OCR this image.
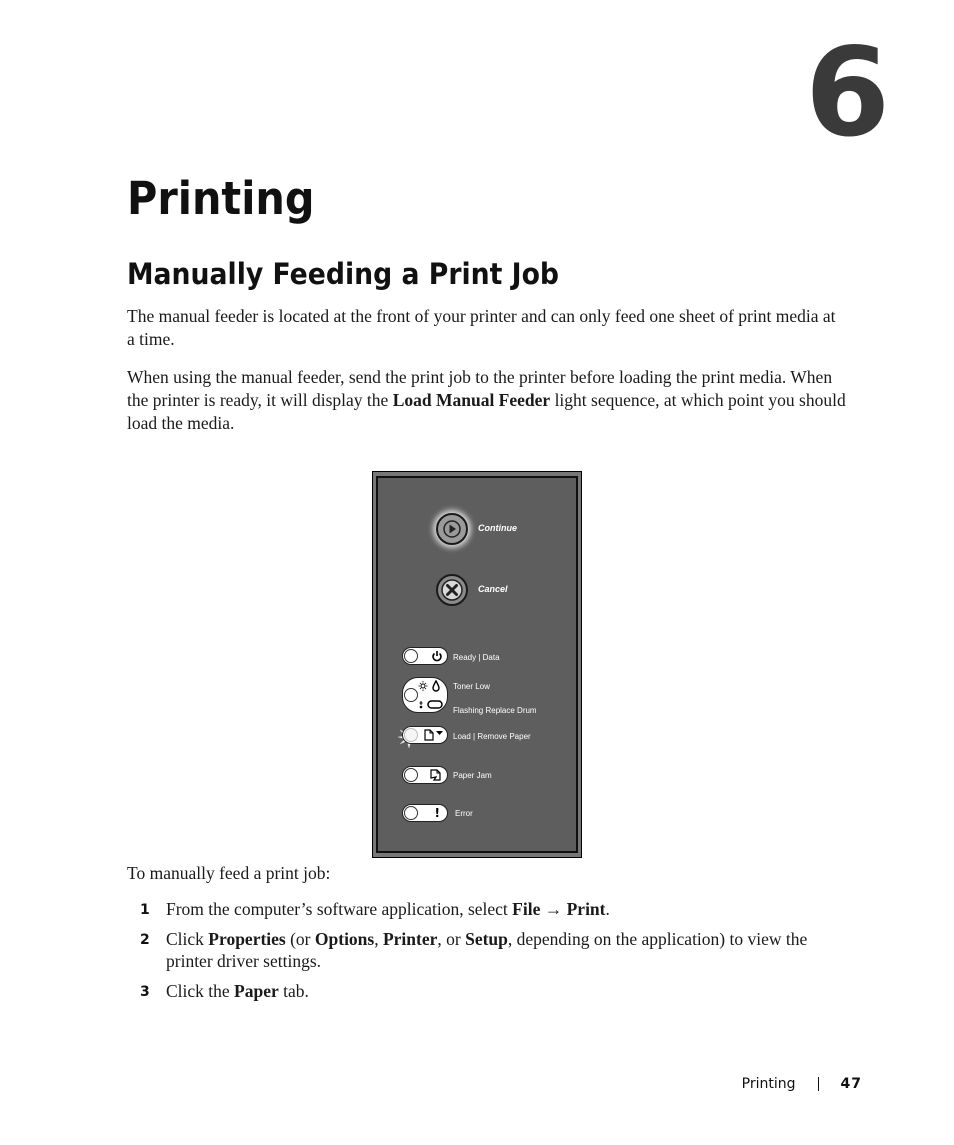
6
Printing
Manually Feeding a Print Job

The manual feeder is located at the front of your printer and can only feed one sheet of print media at a time.

When using the manual feeder, send the print job to the printer before loading the print media. When the printer is ready, it will display the Load Manual Feeder light sequence, at which point you should load the media.

Continue
Cancel
Ready | Data
Toner Low
Flashing Replace Drum
Load | Remove Paper
Paper Jam
! Error

To manually feed a print job:

1 From the computer’s software application, select File → Print.
2 Click Properties (or Options, Printer, or Setup, depending on the application) to view the printer driver settings.
3 Click the Paper tab.
Printing	47
